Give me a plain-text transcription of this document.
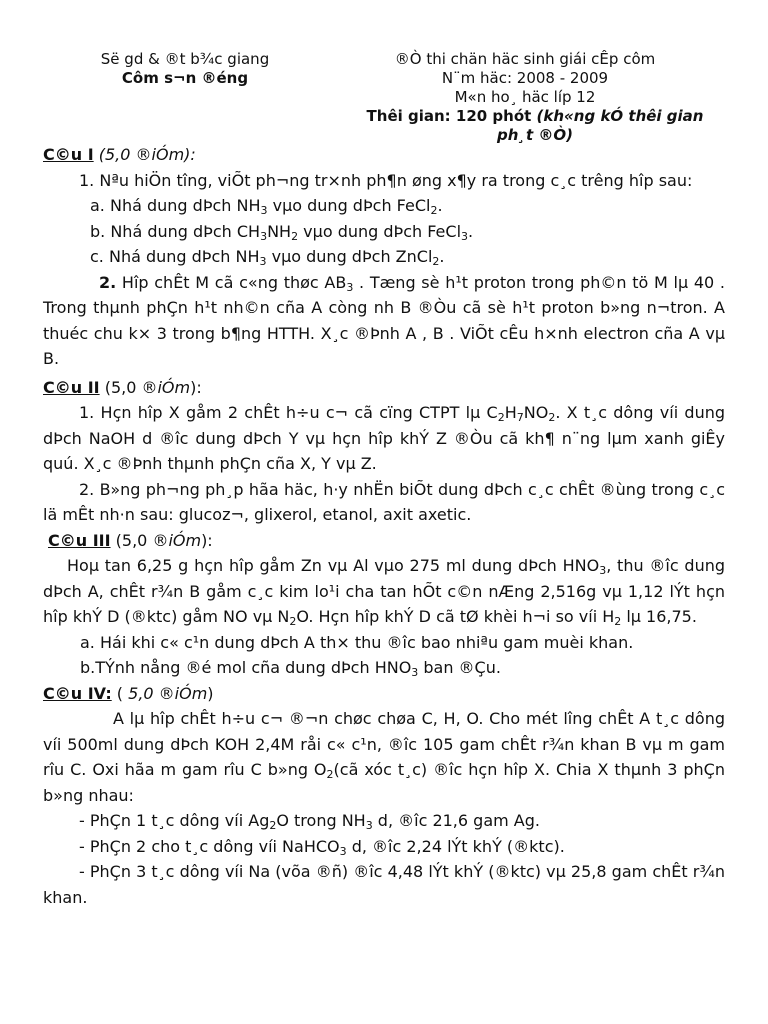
Së gd & ®t b¾c giang
Côm s¬n ®éng
®Ò thi chän häc sinh giái cÊp côm
N¨m häc: 2008 - 2009
M«n ho¸ häc líp 12
Thêi gian: 120 phót (kh«ng kÓ thêi gian ph¸t ®Ò)

C©u I (5,0 ®iÓm):

1. Nªu hiÖn tîng, viÕt ph¬ng tr×nh ph¶n øng x¶y ra trong c¸c trêng hîp sau:

a. Nhá dung dÞch $NH_3$ vµo dung dÞch FeCl$_2$.

b. Nhá dung dÞch $CH_3NH_2$ vµo dung dÞch FeCl$_3$.

c. Nhá dung dÞch $NH_3$ vµo dung dÞch ZnCl$_2$.

2. Hîp chÊt M cã c«ng thøc $AB_3$ . Tæng sè h¹t proton trong ph©n tö M lµ 40 . Trong thµnh phÇn h¹t nh©n cña A còng nh B ®Òu cã sè h¹t proton b»ng n¬tron. A thuéc chu k× 3 trong b¶ng HTTH. X¸c ®Þnh A , B . ViÕt cÊu h×nh electron cña A vµ B.

C©u II (5,0 ®iÓm):

1. Hçn hîp X gåm 2 chÊt h÷u c¬ cã cïng CTPT lµ $C_2H_7NO_2$. X t¸c dông víi dung dÞch NaOH d ®îc dung dÞch Y vµ hçn hîp khÝ Z ®Òu cã kh¶ n¨ng lµm xanh giÊy quú. X¸c ®Þnh thµnh phÇn cña X, Y vµ Z.

2. B»ng ph¬ng ph¸p hãa häc, h·y nhËn biÕt dung dÞch c¸c chÊt ®ùng trong c¸c lä mÊt nh·n sau: glucoz¬, glixerol, etanol, axit axetic.

C©u III (5,0 ®iÓm):

Hoµ tan 6,25 g hçn hîp gåm Zn vµ Al vµo 275 ml dung dÞch $HNO_3$, thu ®îc dung dÞch A, chÊt r¾n B gåm c¸c kim lo¹i cha tan hÕt c©n nÆng 2,516g vµ 1,12 lÝt hçn hîp khÝ D (®ktc) gåm NO vµ $N_2O$. Hçn hîp khÝ D cã tØ khèi h¬i so víi $H_2$ lµ 16,75.

a. Hái khi c« c¹n dung dÞch A th× thu ®îc bao nhiªu gam muèi khan.

b.TÝnh nång ®é mol cña dung dÞch $HNO_3$ ban ®Çu.

C©u IV: ( 5,0 ®iÓm)

A lµ hîp chÊt h÷u c¬ ®¬n chøc chøa C, H, O. Cho mét lîng chÊt A t¸c dông víi 500ml dung dÞch KOH 2,4M råi c« c¹n, ®îc 105 gam chÊt r¾n khan B vµ m gam rîu C. Oxi hãa m gam rîu C b»ng $O_2(cã$ xóc t¸c) ®îc hçn hîp X. Chia X thµnh 3 phÇn b»ng nhau:

- PhÇn 1 t¸c dông víi $Ag_2O$ trong $NH_3$ d, ®îc 21,6 gam Ag.

- PhÇn 2 cho t¸c dông víi NaHCO$_3$ d, ®îc 2,24 lÝt khÝ (®ktc).

- PhÇn 3 t¸c dông víi Na (võa ®ñ) ®îc 4,48 lÝt khÝ (®ktc) vµ 25,8 gam chÊt r¾n khan.
